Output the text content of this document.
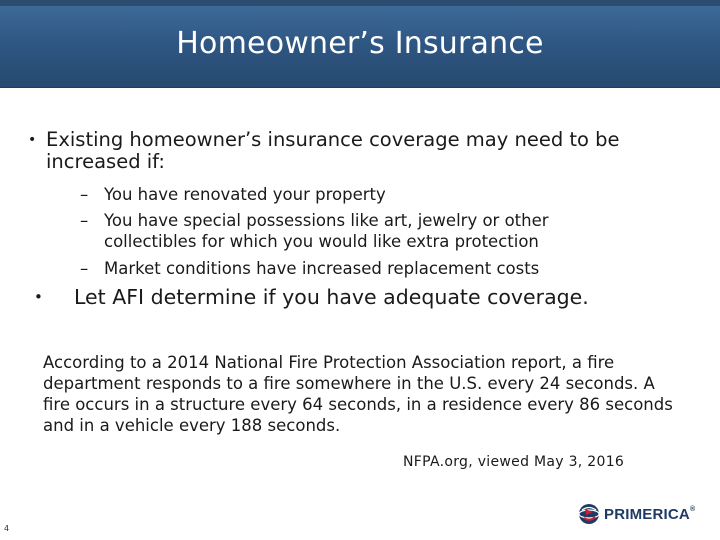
Homeowner’s Insurance
• Existing homeowner’s insurance coverage may need to be increased if:
– You have renovated your property
– You have special possessions like art, jewelry or other collectibles for which you would like extra protection
– Market conditions have increased replacement costs
• Let AFI determine if you have adequate coverage.
According to a 2014 National Fire Protection Association report, a fire department responds to a fire somewhere in the U.S. every 24 seconds. A fire occurs in a structure every 64 seconds, in a residence every 86 seconds and in a vehicle every 188 seconds.
NFPA.org, viewed May 3, 2016
4
PRIMERICA®
